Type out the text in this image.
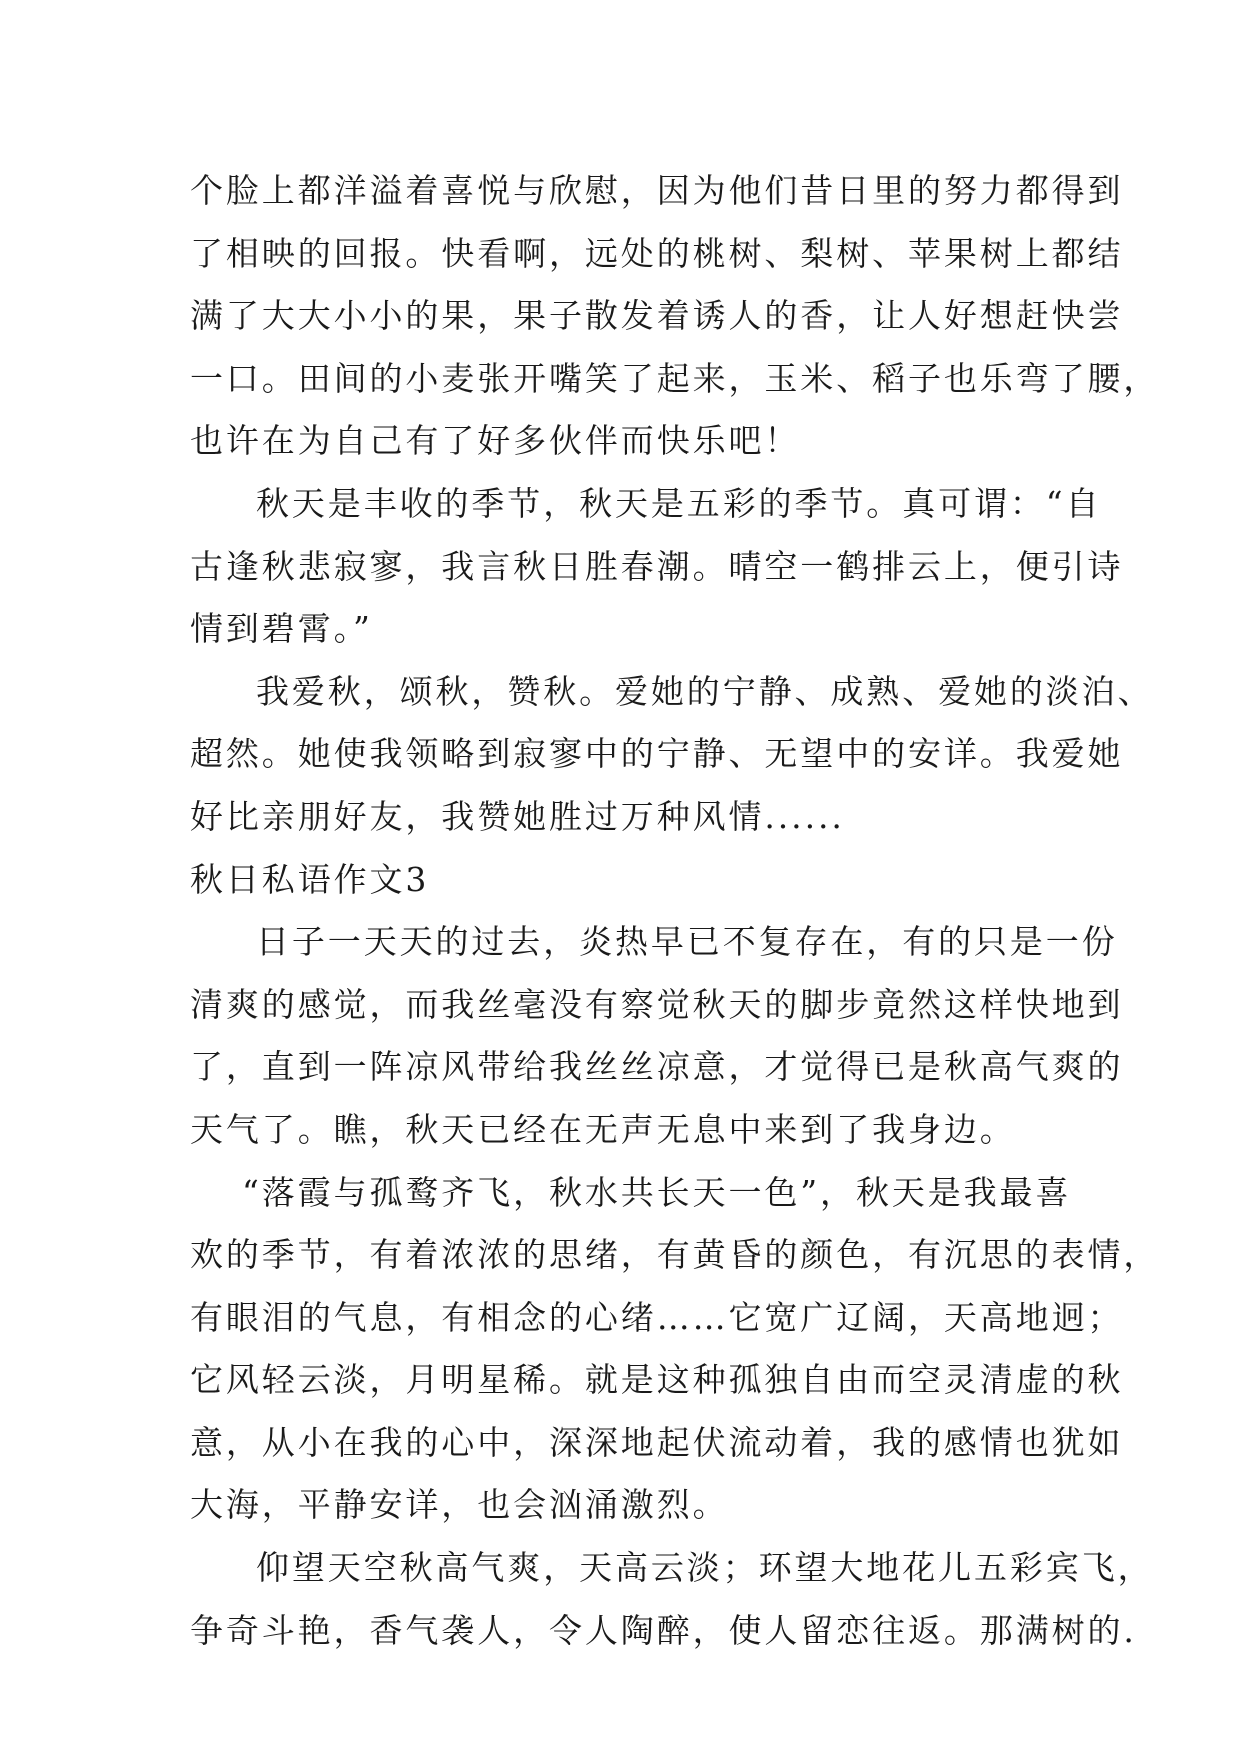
个脸上都洋溢着喜悦与欣慰，因为他们昔日里的努力都得到
了相映的回报。快看啊，远处的桃树、梨树、苹果树上都结
满了大大小小的果，果子散发着诱人的香，让人好想赶快尝
一口。田间的小麦张开嘴笑了起来，玉米、稻子也乐弯了腰，
也许在为自己有了好多伙伴而快乐吧！
秋天是丰收的季节，秋天是五彩的季节。真可谓：“自
古逢秋悲寂寥，我言秋日胜春潮。晴空一鹤排云上，便引诗
情到碧霄。”
我爱秋，颂秋，赞秋。爱她的宁静、成熟、爱她的淡泊、
超然。她使我领略到寂寥中的宁静、无望中的安详。我爱她
好比亲朋好友，我赞她胜过万种风情......
秋日私语作文3
日子一天天的过去，炎热早已不复存在，有的只是一份
清爽的感觉，而我丝毫没有察觉秋天的脚步竟然这样快地到
了，直到一阵凉风带给我丝丝凉意，才觉得已是秋高气爽的
天气了。瞧，秋天已经在无声无息中来到了我身边。
“落霞与孤鹜齐飞，秋水共长天一色”，秋天是我最喜
欢的季节，有着浓浓的思绪，有黄昏的颜色，有沉思的表情，
有眼泪的气息，有相念的心绪……它宽广辽阔，天高地迥；
它风轻云淡，月明星稀。就是这种孤独自由而空灵清虚的秋
意，从小在我的心中，深深地起伏流动着，我的感情也犹如
大海，平静安详，也会汹涌激烈。
仰望天空秋高气爽，天高云淡；环望大地花儿五彩宾飞，
争奇斗艳，香气袭人，令人陶醉，使人留恋往返。那满树的.
